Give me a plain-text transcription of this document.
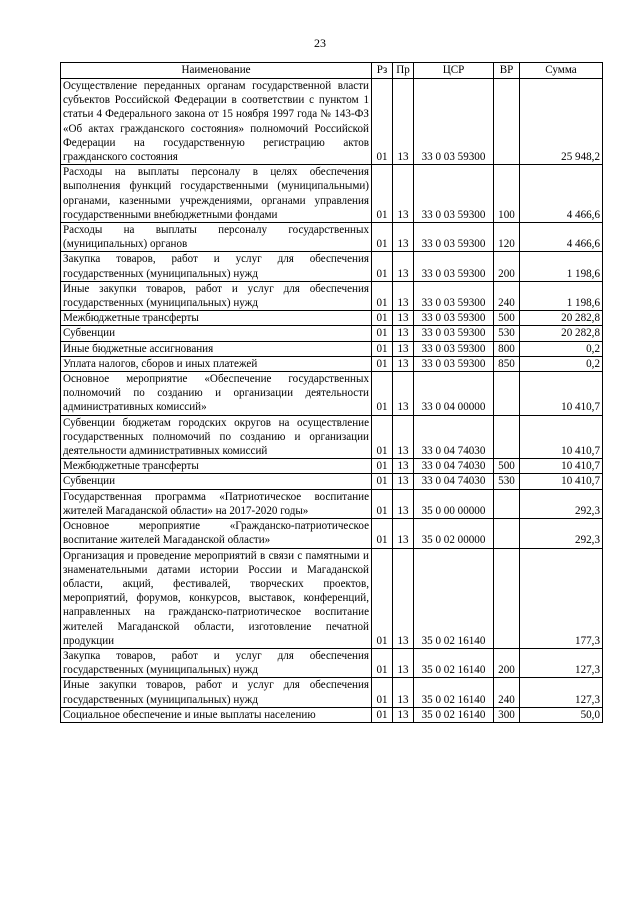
23
Наименование	Рз	Пр	ЦСР	ВР	Сумма
Осуществление переданных органам государственной власти субъектов Российской Федерации в соответствии с пунктом 1 статьи 4 Федерального закона от 15 ноября 1997 года № 143-ФЗ «Об актах гражданского состояния» полномочий Российской Федерации на государственную регистрацию актов гражданского состояния	01	13	33 0 03 59300		25 948,2
Расходы на выплаты персоналу в целях обеспечения выполнения функций государственными (муниципальными) органами, казенными учреждениями, органами управления государственными внебюджетными фондами	01	13	33 0 03 59300	100	4 466,6
Расходы на выплаты персоналу государственных (муниципальных) органов	01	13	33 0 03 59300	120	4 466,6
Закупка товаров, работ и услуг для обеспечения государственных (муниципальных) нужд	01	13	33 0 03 59300	200	1 198,6
Иные закупки товаров, работ и услуг для обеспечения государственных (муниципальных) нужд	01	13	33 0 03 59300	240	1 198,6
Межбюджетные трансферты	01	13	33 0 03 59300	500	20 282,8
Субвенции	01	13	33 0 03 59300	530	20 282,8
Иные бюджетные ассигнования	01	13	33 0 03 59300	800	0,2
Уплата налогов, сборов и иных платежей	01	13	33 0 03 59300	850	0,2
Основное мероприятие «Обеспечение государственных полномочий по созданию и организации деятельности административных комиссий»	01	13	33 0 04 00000		10 410,7
Субвенции бюджетам городских округов на осуществление государственных полномочий по созданию и организации деятельности административных комиссий	01	13	33 0 04 74030		10 410,7
Межбюджетные трансферты	01	13	33 0 04 74030	500	10 410,7
Субвенции	01	13	33 0 04 74030	530	10 410,7
Государственная программа «Патриотическое воспитание жителей Магаданской области» на 2017-2020 годы»	01	13	35 0 00 00000		292,3
Основное мероприятие «Гражданско-патриотическое воспитание жителей Магаданской области»	01	13	35 0 02 00000		292,3
Организация и проведение мероприятий в связи с памятными и знаменательными датами истории России и Магаданской области, акций, фестивалей, творческих проектов, мероприятий, форумов, конкурсов, выставок, конференций, направленных на гражданско-патриотическое воспитание жителей Магаданской области, изготовление печатной продукции	01	13	35 0 02 16140		177,3
Закупка товаров, работ и услуг для обеспечения государственных (муниципальных) нужд	01	13	35 0 02 16140	200	127,3
Иные закупки товаров, работ и услуг для обеспечения государственных (муниципальных) нужд	01	13	35 0 02 16140	240	127,3
Социальное обеспечение и иные выплаты населению	01	13	35 0 02 16140	300	50,0
